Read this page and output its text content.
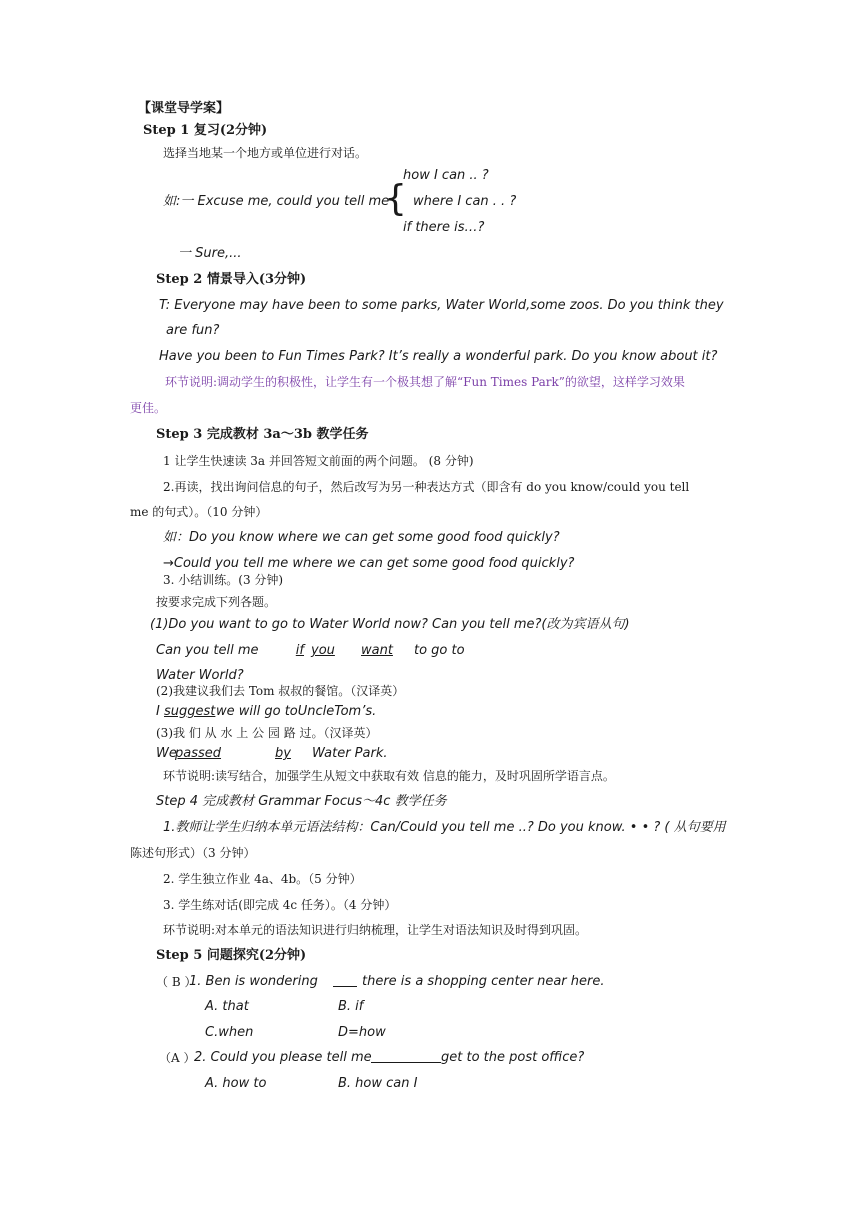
【课堂导学案】
Step 1 复习(2分钟)
选择当地某一个地方或单位进行对话。
how I can .. ?
如:一 Excuse me, could you tell me
{ where I can . . ?
if there is…?
一 Sure,...
Step 2 情景导入(3分钟)
T: Everyone may have been to some parks, Water World,some zoos. Do you think they
are fun?
Have you been to Fun Times Park? It’s really a wonderful park. Do you know about it?
环节说明:调动学生的积极性，让学生有一个极其想了解“Fun Times Park”的欲望，这样学习效果
更佳。
Step 3 完成教材 3a～3b 教学任务
1 让学生快速读 3a 并回答短文前面的两个问题。 (8 分钟)
2.再读，找出询问信息的句子，然后改写为另一种表达方式（即含有 do you know/could you tell
me 的句式）。（10 分钟）
如：Do you know where we can get some good food quickly?
→Could you tell me where we can get some good food quickly?
3. 小结训练。(3 分钟)
按要求完成下列各题。
(1)Do you want to go to Water World now? Can you tell me?(改为宾语从句)
Can you tell me	if you want	to go to
Water World?
(2)我建议我们去 Tom 叔叔的餐馆。（汉译英）
I suggest we will go toUncleTom’s.
(3)我 们 从 水 上 公 园 路 过。（汉译英）
We
passed	by Water Park.
环节说明:读写结合，加强学生从短文中获取有效 信息的能力，及时巩固所学语言点。
Step 4 完成教材 Grammar Focus～4c 教学任务
1.教师让学生归纳本单元语法结构：Can/Could you tell me ..? Do you know. • • ? ( 从句要用
陈述句形式）（3 分钟）
2. 学生独立作业 4a、4b。（5 分钟）
3. 学生练对话(即完成 4c 任务）。（4 分钟）
环节说明:对本单元的语法知识进行归纳梳理，让学生对语法知识及时得到巩固。
Step 5 问题探究(2分钟)
（ B ）
1. Ben is wondering	there is a shopping center near here.
A. that	B. if
C.when	D=how
（A ）
2. Could you please tell me	get to the post office?
A. how to	B. how can I
